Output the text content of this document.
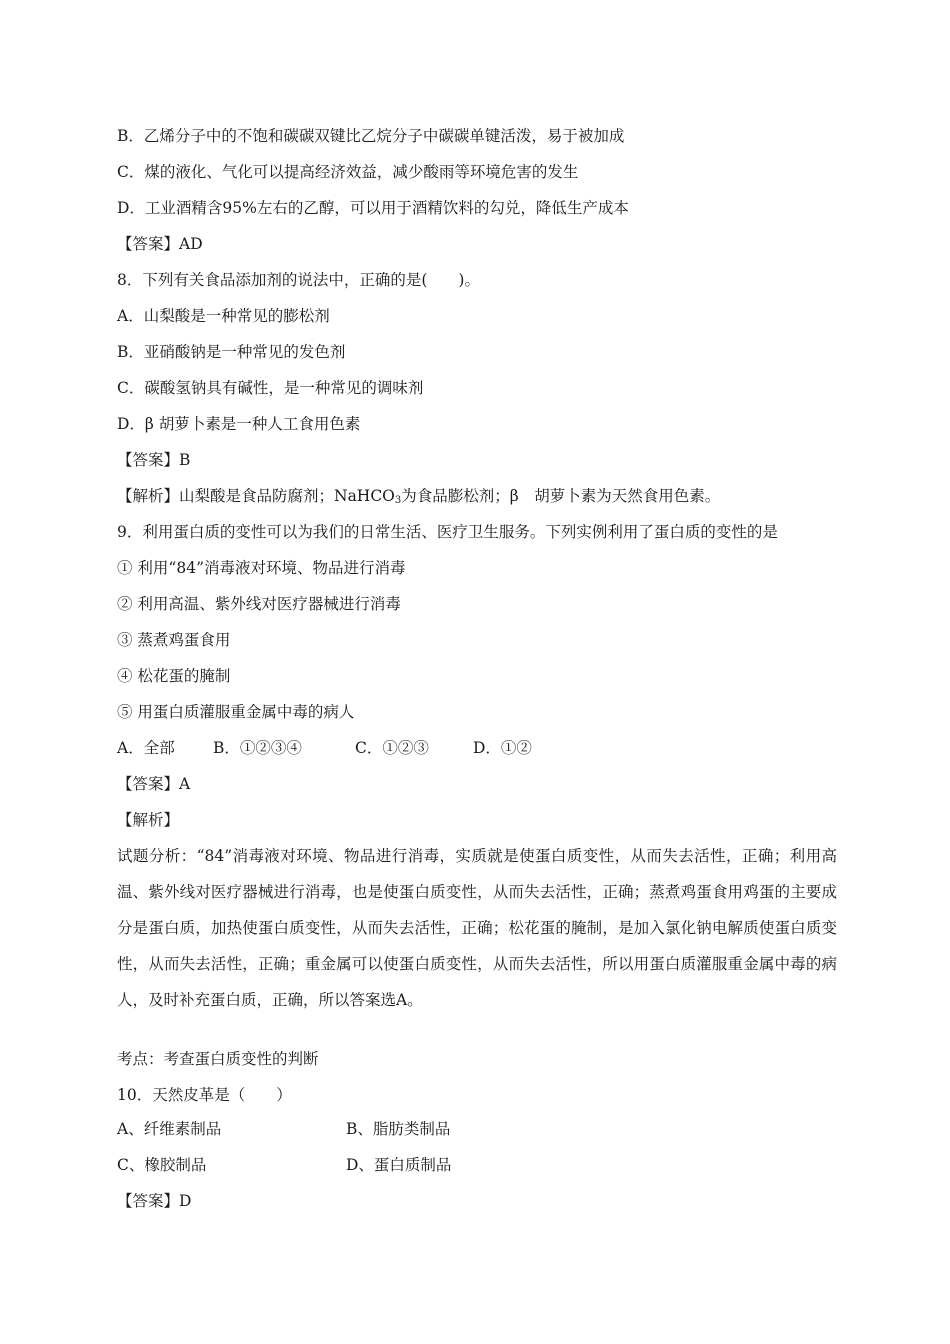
B．乙烯分子中的不饱和碳碳双键比乙烷分子中碳碳单键活泼，易于被加成
C．煤的液化、气化可以提高经济效益，减少酸雨等环境危害的发生
D．工业酒精含95%左右的乙醇，可以用于酒精饮料的勾兑，降低生产成本
【答案】AD
8．下列有关食品添加剂的说法中，正确的是(　　)。
A．山梨酸是一种常见的膨松剂
B．亚硝酸钠是一种常见的发色剂
C．碳酸氢钠具有碱性，是一种常见的调味剂
D．β 胡萝卜素是一种人工食用色素
【答案】B
【解析】山梨酸是食品防腐剂；NaHCO$_3$为食品膨松剂；β　胡萝卜素为天然食用色素。
9．利用蛋白质的变性可以为我们的日常生活、医疗卫生服务。下列实例利用了蛋白质的变性的是
① 利用“84”消毒液对环境、物品进行消毒
② 利用高温、紫外线对医疗器械进行消毒
③ 蒸煮鸡蛋食用
④ 松花蛋的腌制
⑤ 用蛋白质灌服重金属中毒的病人
A．全部 B．①②③④	C．①②③	D．①②
【答案】A
【解析】
试题分析：“84”消毒液对环境、物品进行消毒，实质就是使蛋白质变性，从而失去活性，正确；利用高温、紫外线对医疗器械进行消毒，也是使蛋白质变性，从而失去活性，正确；蒸煮鸡蛋食用鸡蛋的主要成分是蛋白质，加热使蛋白质变性，从而失去活性，正确；松花蛋的腌制，是加入氯化钠电解质使蛋白质变性，从而失去活性，正确；重金属可以使蛋白质变性，从而失去活性，所以用蛋白质灌服重金属中毒的病人，及时补充蛋白质，正确，所以答案选A。
考点：考查蛋白质变性的判断
10．天然皮革是（　　）
A、纤维素制品	B、脂肪类制品
C、橡胶制品	D、蛋白质制品
【答案】D
